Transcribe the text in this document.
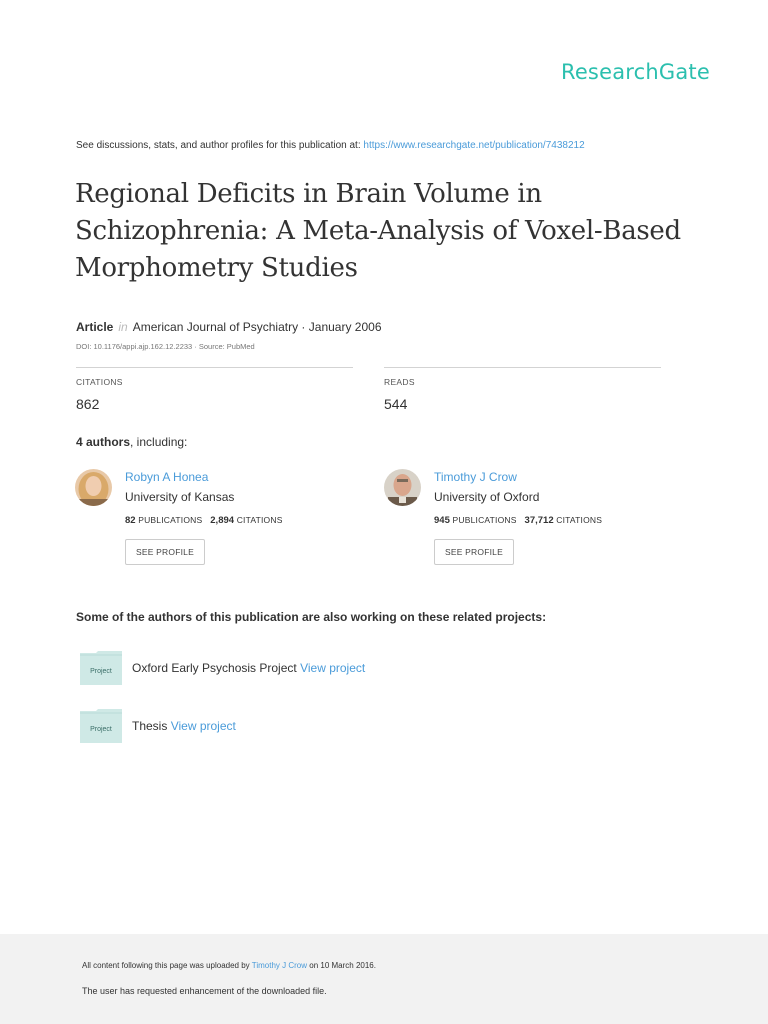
ResearchGate
See discussions, stats, and author profiles for this publication at: https://www.researchgate.net/publication/7438212
Regional Deficits in Brain Volume in Schizophrenia: A Meta-Analysis of Voxel-Based Morphometry Studies
Article in American Journal of Psychiatry · January 2006
DOI: 10.1176/appi.ajp.162.12.2233 · Source: PubMed
CITATIONS
862
READS
544
4 authors, including:
Robyn A Honea
University of Kansas
82 PUBLICATIONS 2,894 CITATIONS
SEE PROFILE
Timothy J Crow
University of Oxford
945 PUBLICATIONS 37,712 CITATIONS
SEE PROFILE
Some of the authors of this publication are also working on these related projects:
Project Oxford Early Psychosis Project View project
Project Thesis View project
All content following this page was uploaded by Timothy J Crow on 10 March 2016.
The user has requested enhancement of the downloaded file.
